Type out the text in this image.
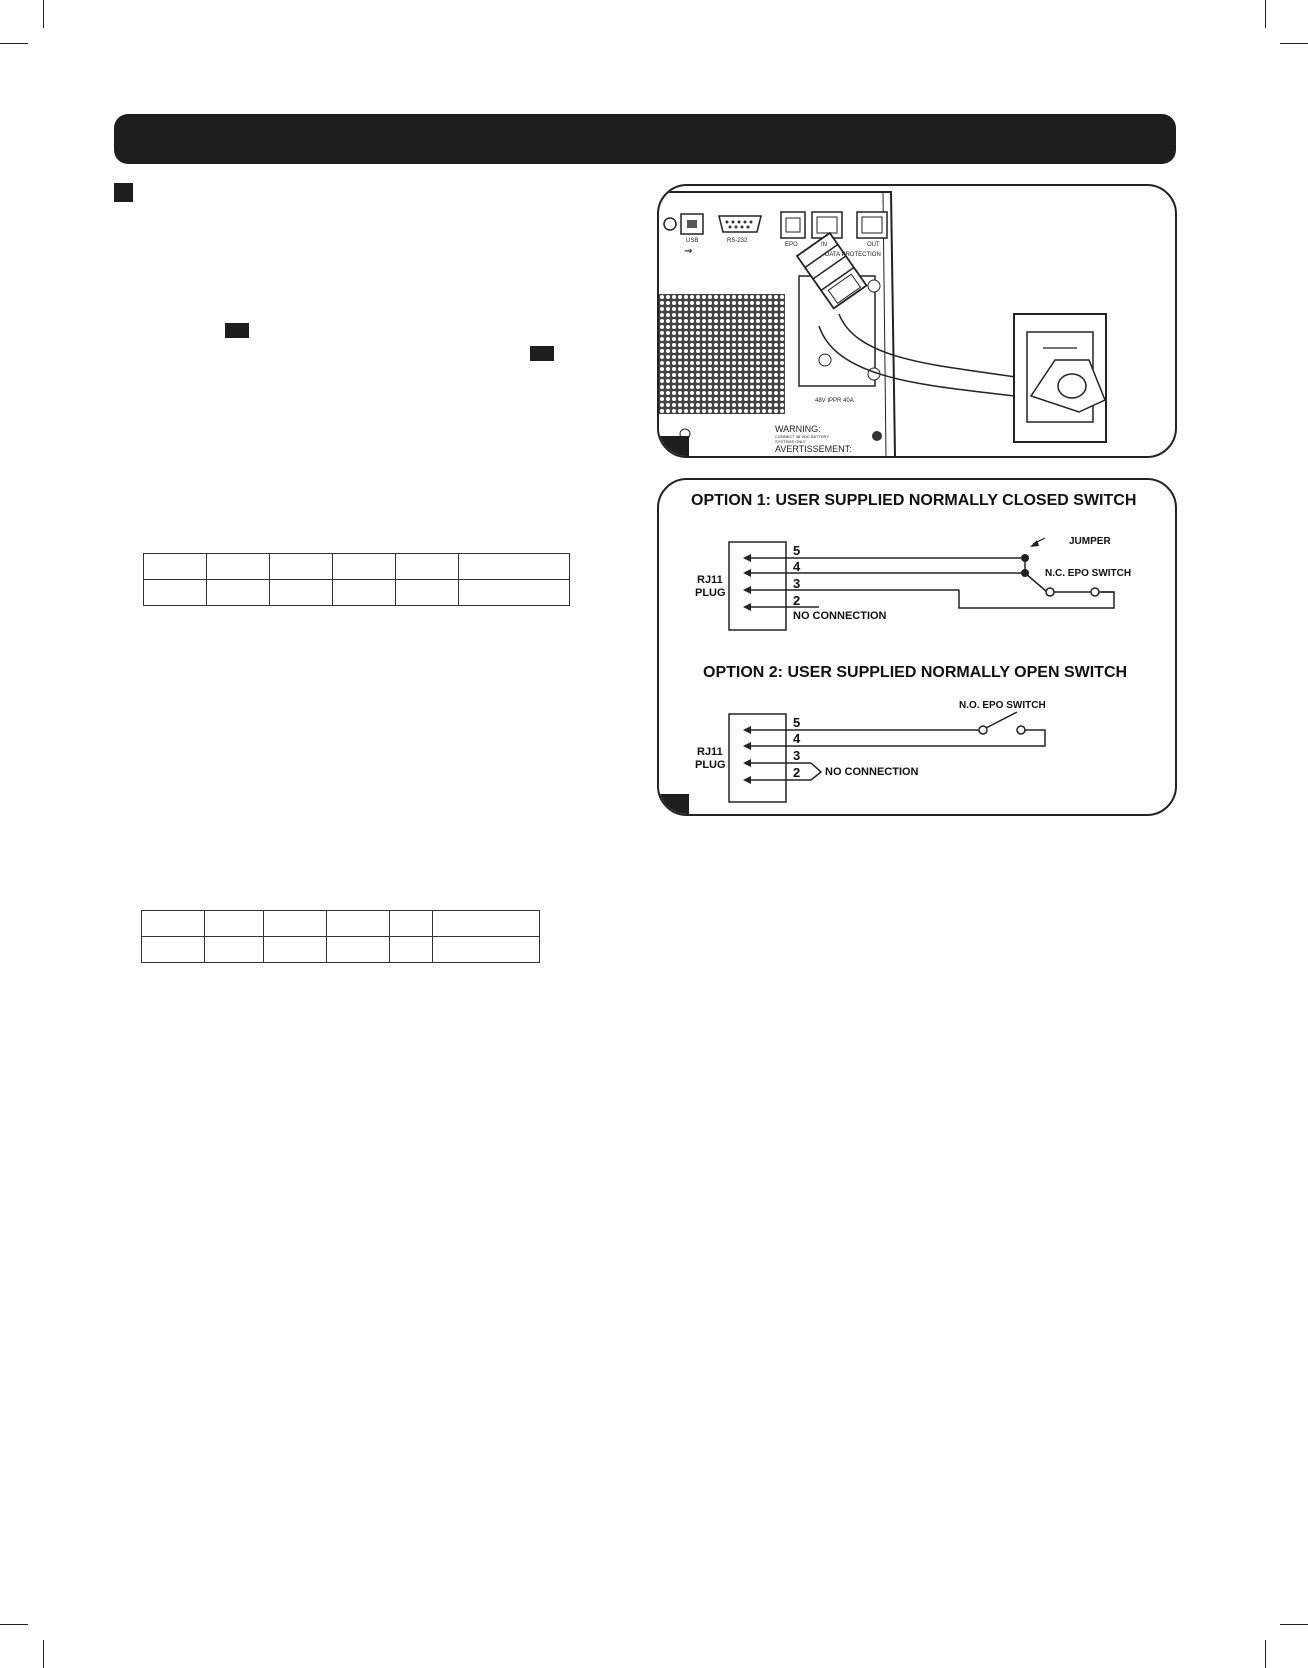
USB
⇝
RS-232
EPO	IN	OUT
DATA PROTECTION
48V IPPR 40A
WARNING:
CONNECT 48 VDC BATTERY SYSTEMS ONLY
AVERTISSEMENT:
OPTION 1: USER SUPPLIED NORMALLY CLOSED SWITCH
RJ11
PLUG
5
4
3
2
NO CONNECTION
JUMPER
N.C. EPO SWITCH
OPTION 2: USER SUPPLIED NORMALLY OPEN SWITCH
N.O. EPO SWITCH
RJ11
PLUG
5
4
3
2 NO CONNECTION
